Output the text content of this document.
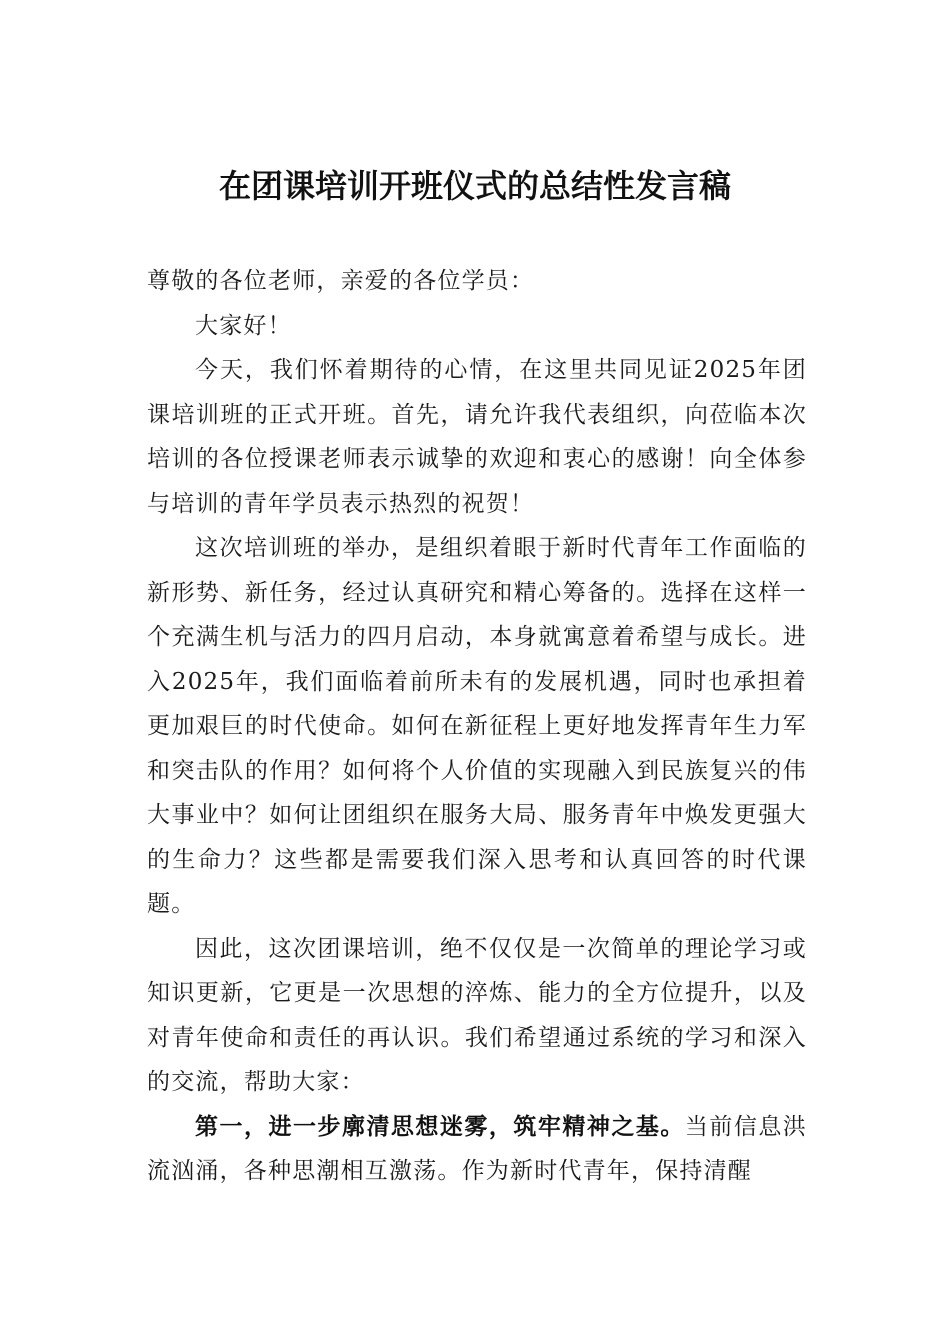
在团课培训开班仪式的总结性发言稿

尊敬的各位老师，亲爱的各位学员：

大家好！

今天，我们怀着期待的心情，在这里共同见证2025年团课培训班的正式开班。首先，请允许我代表组织，向莅临本次培训的各位授课老师表示诚挚的欢迎和衷心的感谢！向全体参与培训的青年学员表示热烈的祝贺！

这次培训班的举办，是组织着眼于新时代青年工作面临的新形势、新任务，经过认真研究和精心筹备的。选择在这样一个充满生机与活力的四月启动，本身就寓意着希望与成长。进入2025年，我们面临着前所未有的发展机遇，同时也承担着更加艰巨的时代使命。如何在新征程上更好地发挥青年生力军和突击队的作用？如何将个人价值的实现融入到民族复兴的伟大事业中？如何让团组织在服务大局、服务青年中焕发更强大的生命力？这些都是需要我们深入思考和认真回答的时代课题。

因此，这次团课培训，绝不仅仅是一次简单的理论学习或知识更新，它更是一次思想的淬炼、能力的全方位提升，以及对青年使命和责任的再认识。我们希望通过系统的学习和深入的交流，帮助大家：

第一，进一步廓清思想迷雾，筑牢精神之基。当前信息洪流汹涌，各种思潮相互激荡。作为新时代青年，保持清醒
